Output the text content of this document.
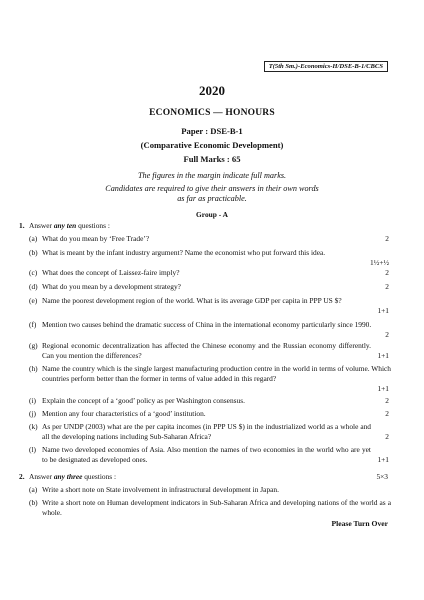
T(5th Sm.)-Economics-H/DSE-B-1/CBCS
2020
ECONOMICS — HONOURS
Paper : DSE-B-1
(Comparative Economic Development)
Full Marks : 65
The figures in the margin indicate full marks.
Candidates are required to give their answers in their own words
as far as practicable.
Group - A
1. Answer any ten questions :
(a) What do you mean by ‘Free Trade’?	2
(b) What is meant by the infant industry argument? Name the economist who put forward this idea.
1½+½
(c) What does the concept of Laissez-faire imply?	2
(d) What do you mean by a development strategy?	2
(e) Name the poorest development region of the world. What is its average GDP per capita in PPP US $?
1+1
(f) Mention two causes behind the dramatic success of China in the international economy particularly since 1990.
2
(g) Regional economic decentralization has affected the Chinese economy and the Russian economy differently. Can you mention the differences?	1+1
(h) Name the country which is the single largest manufacturing production centre in the world in terms of volume. Which countries perform better than the former in terms of value added in this regard?
1+1
(i) Explain the concept of a ‘good’ policy as per Washington consensus.	2
(j) Mention any four characteristics of a ‘good’ institution.	2
(k) As per UNDP (2003) what are the per capita incomes (in PPP US $) in the industrialized world as a whole and all the developing nations including Sub-Saharan Africa?	2
(l) Name two developed economies of Asia. Also mention the names of two economies in the world who are yet to be designated as developed ones.	1+1
2. Answer any three questions :	5×3
(a) Write a short note on State involvement in infrastructural development in Japan.
(b) Write a short note on Human development indicators in Sub-Saharan Africa and developing nations of the world as a whole.
Please Turn Over
